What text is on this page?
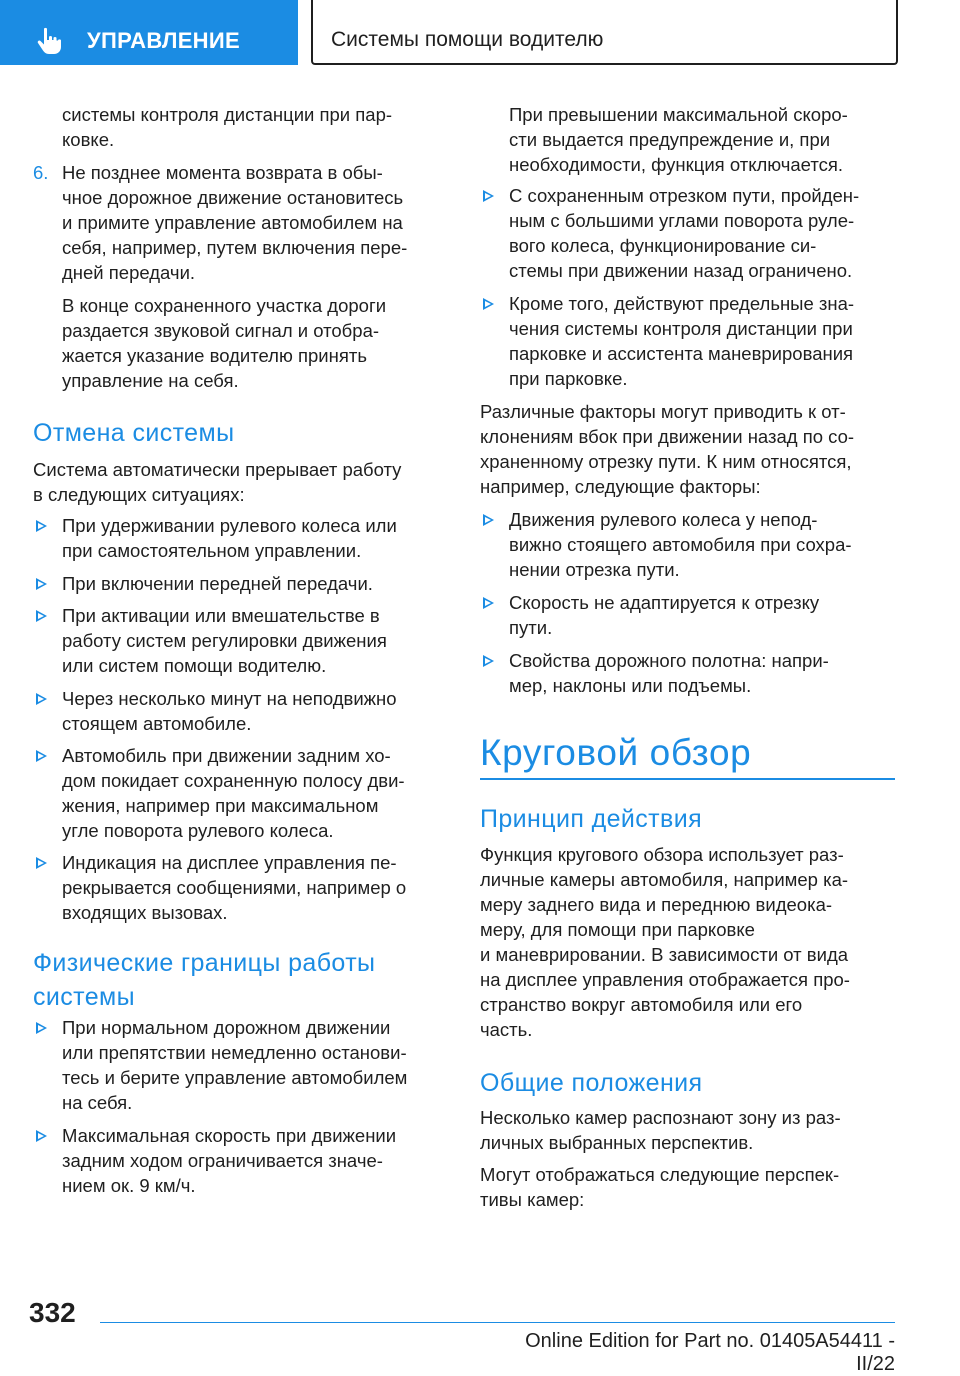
УПРАВЛЕНИЕ	Системы помощи водителю
системы контроля дистанции при пар-
ковке.
6. Не позднее момента возврата в обы-
чное дорожное движение остановитесь
и примите управление автомобилем на
себя, например, путем включения пере-
дней передачи.
В конце сохраненного участка дороги
раздается звуковой сигнал и отобра-
жается указание водителю принять
управление на себя.
Отмена системы
Система автоматически прерывает работу
в следующих ситуациях:
При удерживании рулевого колеса или
при самостоятельном управлении.
При включении передней передачи.
При активации или вмешательстве в
работу систем регулировки движения
или систем помощи водителю.
Через несколько минут на неподвижно
стоящем автомобиле.
Автомобиль при движении задним хо-
дом покидает сохраненную полосу дви-
жения, например при максимальном
угле поворота рулевого колеса.
Индикация на дисплее управления пе-
рекрывается сообщениями, например о
входящих вызовах.
Физические границы работы
системы
При нормальном дорожном движении
или препятствии немедленно останови-
тесь и берите управление автомобилем
на себя.
Максимальная скорость при движении
задним ходом ограничивается значе-
нием ок. 9 км/ч.
При превышении максимальной скоро-
сти выдается предупреждение и, при
необходимости, функция отключается.
С сохраненным отрезком пути, пройден-
ным с большими углами поворота руле-
вого колеса, функционирование си-
стемы при движении назад ограничено.
Кроме того, действуют предельные зна-
чения системы контроля дистанции при
парковке и ассистента маневрирования
при парковке.
Различные факторы могут приводить к от-
клонениям вбок при движении назад по со-
храненному отрезку пути. К ним относятся,
например, следующие факторы:
Движения рулевого колеса у непод-
вижно стоящего автомобиля при сохра-
нении отрезка пути.
Скорость не адаптируется к отрезку
пути.
Свойства дорожного полотна: напри-
мер, наклоны или подъемы.
Круговой обзор
Принцип действия
Функция кругового обзора использует раз-
личные камеры автомобиля, например ка-
меру заднего вида и переднюю видеока-
меру, для помощи при парковке
и маневрировании. В зависимости от вида
на дисплее управления отображается про-
странство вокруг автомобиля или его
часть.
Общие положения
Несколько камер распознают зону из раз-
личных выбранных перспектив.
Могут отображаться следующие перспек-
тивы камер:
332
Online Edition for Part no. 01405A54411 - II/22
